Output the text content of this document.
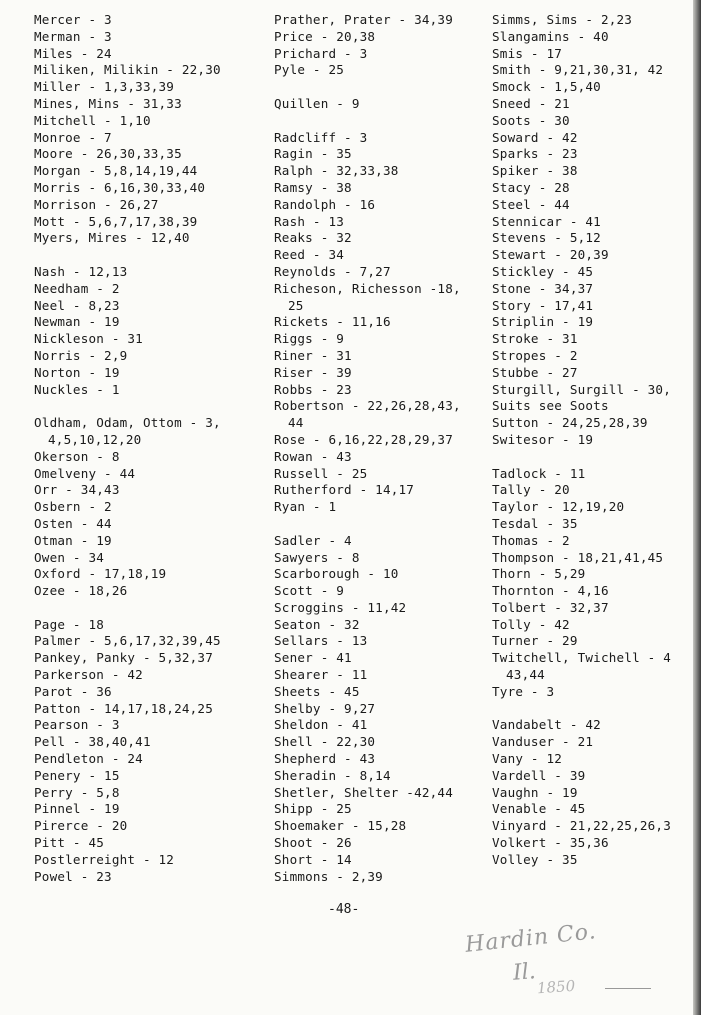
Mercer - 3
Merman - 3
Miles - 24
Miliken, Milikin - 22,30
Miller - 1,3,33,39
Mines, Mins - 31,33
Mitchell - 1,10
Monroe - 7
Moore - 26,30,33,35
Morgan - 5,8,14,19,44
Morris - 6,16,30,33,40
Morrison - 26,27
Mott - 5,6,7,17,38,39
Myers, Mires - 12,40
Nash - 12,13
Needham - 2
Neel - 8,23
Newman - 19
Nickleson - 31
Norris - 2,9
Norton - 19
Nuckles - 1
Oldham, Odam, Ottom - 3,
4,5,10,12,20
Okerson - 8
Omelveny - 44
Orr - 34,43
Osbern - 2
Osten - 44
Otman - 19
Owen - 34
Oxford - 17,18,19
Ozee - 18,26
Page - 18
Palmer - 5,6,17,32,39,45
Pankey, Panky - 5,32,37
Parkerson - 42
Parot - 36
Patton - 14,17,18,24,25
Pearson - 3
Pell - 38,40,41
Pendleton - 24
Penery - 15
Perry - 5,8
Pinnel - 19
Pirerce - 20
Pitt - 45
Postlerreight - 12
Powel - 23
Prather, Prater - 34,39
Price - 20,38
Prichard - 3
Pyle - 25
Quillen - 9
Radcliff - 3
Ragin - 35
Ralph - 32,33,38
Ramsy - 38
Randolph - 16
Rash - 13
Reaks - 32
Reed - 34
Reynolds - 7,27
Richeson, Richesson -18,
25
Rickets - 11,16
Riggs - 9
Riner - 31
Riser - 39
Robbs - 23
Robertson - 22,26,28,43,
44
Rose - 6,16,22,28,29,37
Rowan - 43
Russell - 25
Rutherford - 14,17
Ryan - 1
Sadler - 4
Sawyers - 8
Scarborough - 10
Scott - 9
Scroggins - 11,42
Seaton - 32
Sellars - 13
Sener - 41
Shearer - 11
Sheets - 45
Shelby - 9,27
Sheldon - 41
Shell - 22,30
Shepherd - 43
Sheradin - 8,14
Shetler, Shelter -42,44
Shipp - 25
Shoemaker - 15,28
Shoot - 26
Short - 14
Simmons - 2,39
Simms, Sims - 2,23
Slangamins - 40
Smis - 17
Smith - 9,21,30,31, 42
Smock - 1,5,40
Sneed - 21
Soots - 30
Soward - 42
Sparks - 23
Spiker - 38
Stacy - 28
Steel - 44
Stennicar - 41
Stevens - 5,12
Stewart - 20,39
Stickley - 45
Stone - 34,37
Story - 17,41
Striplin - 19
Stroke - 31
Stropes - 2
Stubbe - 27
Sturgill, Surgill - 30,
Suits see Soots
Sutton - 24,25,28,39
Switesor - 19
Tadlock - 11
Tally - 20
Taylor - 12,19,20
Tesdal - 35
Thomas - 2
Thompson - 18,21,41,45
Thorn - 5,29
Thornton - 4,16
Tolbert - 32,37
Tolly - 42
Turner - 29
Twitchell, Twichell - 4
43,44
Tyre - 3
Vandabelt - 42
Vanduser - 21
Vany - 12
Vardell - 39
Vaughn - 19
Venable - 45
Vinyard - 21,22,25,26,3
Volkert - 35,36
Volley - 35
-48-
Hardin Co.
Il.
1850
